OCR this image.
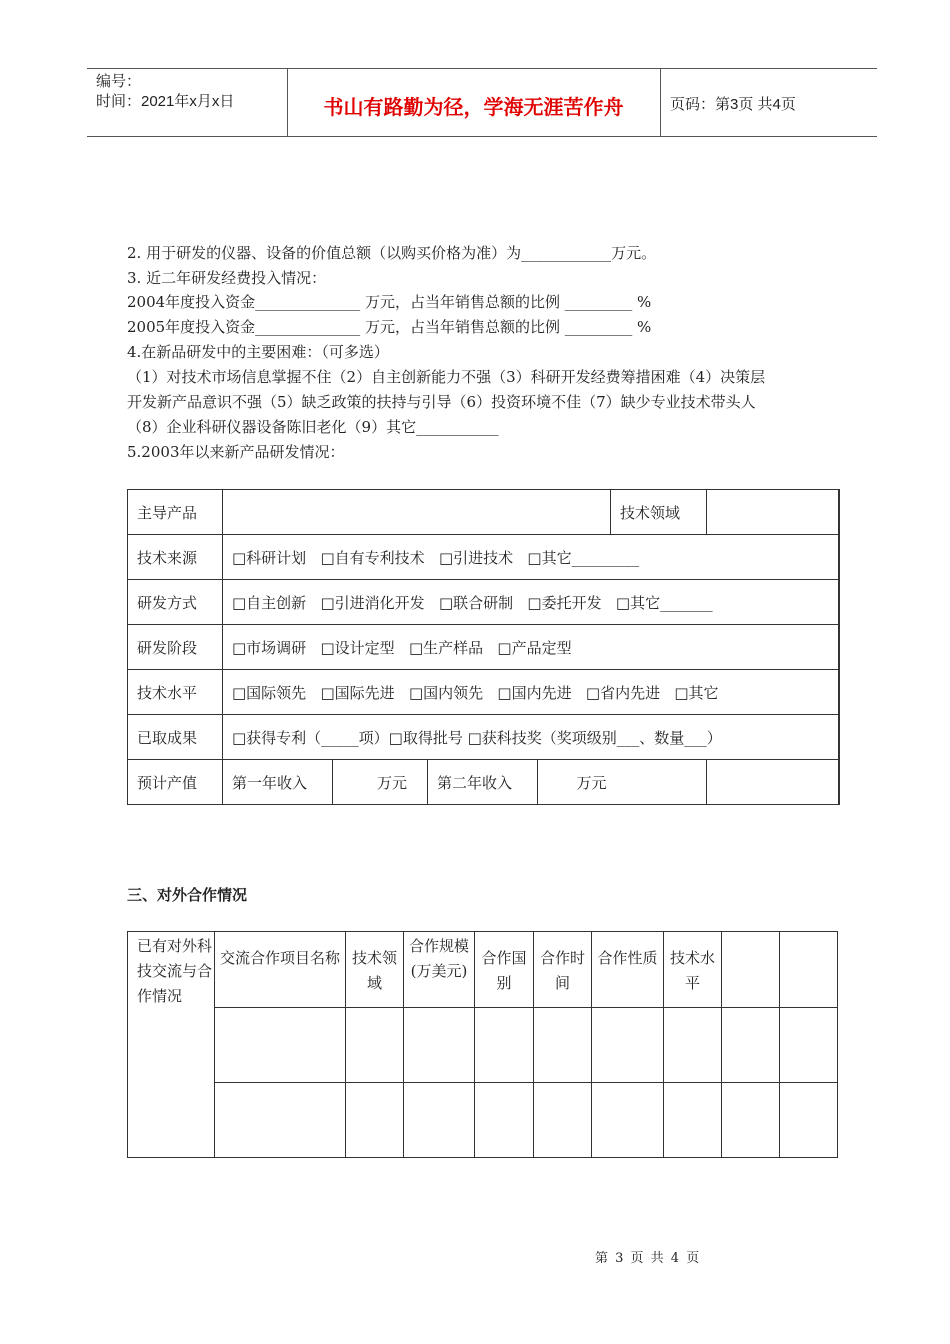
编号：
时间：2021年x月x日	书山有路勤为径，学海无涯苦作舟	页码：第3页 共4页
2. 用于研发的仪器、设备的价值总额（以购买价格为准）为____________万元。
3. 近二年研发经费投入情况：
2004年度投入资金______________ 万元，占当年销售总额的比例 _________ %
2005年度投入资金______________ 万元，占当年销售总额的比例 _________ %
4.在新品研发中的主要困难：（可多选）
（1）对技术市场信息掌握不住（2）自主创新能力不强（3）科研开发经费筹措困难（4）决策层
开发新产品意识不强（5）缺乏政策的扶持与引导（6）投资环境不佳（7）缺少专业技术带头人
（8）企业科研仪器设备陈旧老化（9）其它___________
5.2003年以来新产品研发情况：
主导产品					技术领域	
技术来源	□科研计划   □自有专利技术   □引进技术   □其它_________					
研发方式	□自主创新   □引进消化开发   □联合研制   □委托开发   □其它_______					
研发阶段	□市场调研   □设计定型   □生产样品   □产品定型					
技术水平	□国际领先   □国际先进   □国内领先   □国内先进   □省内先进   □其它					
已取成果	□获得专利（_____项）□取得批号 □获科技奖（奖项级别___、数量___）					
预计产值	第一年收入	万元	第二年收入	万元		
三、对外合作情况
已有对外科技交流与合作情况	交流合作项目名称	技术领域	合作规模(万美元)	合作国别	合作时间	合作性质	技术水平		

第 3 页 共 4 页
